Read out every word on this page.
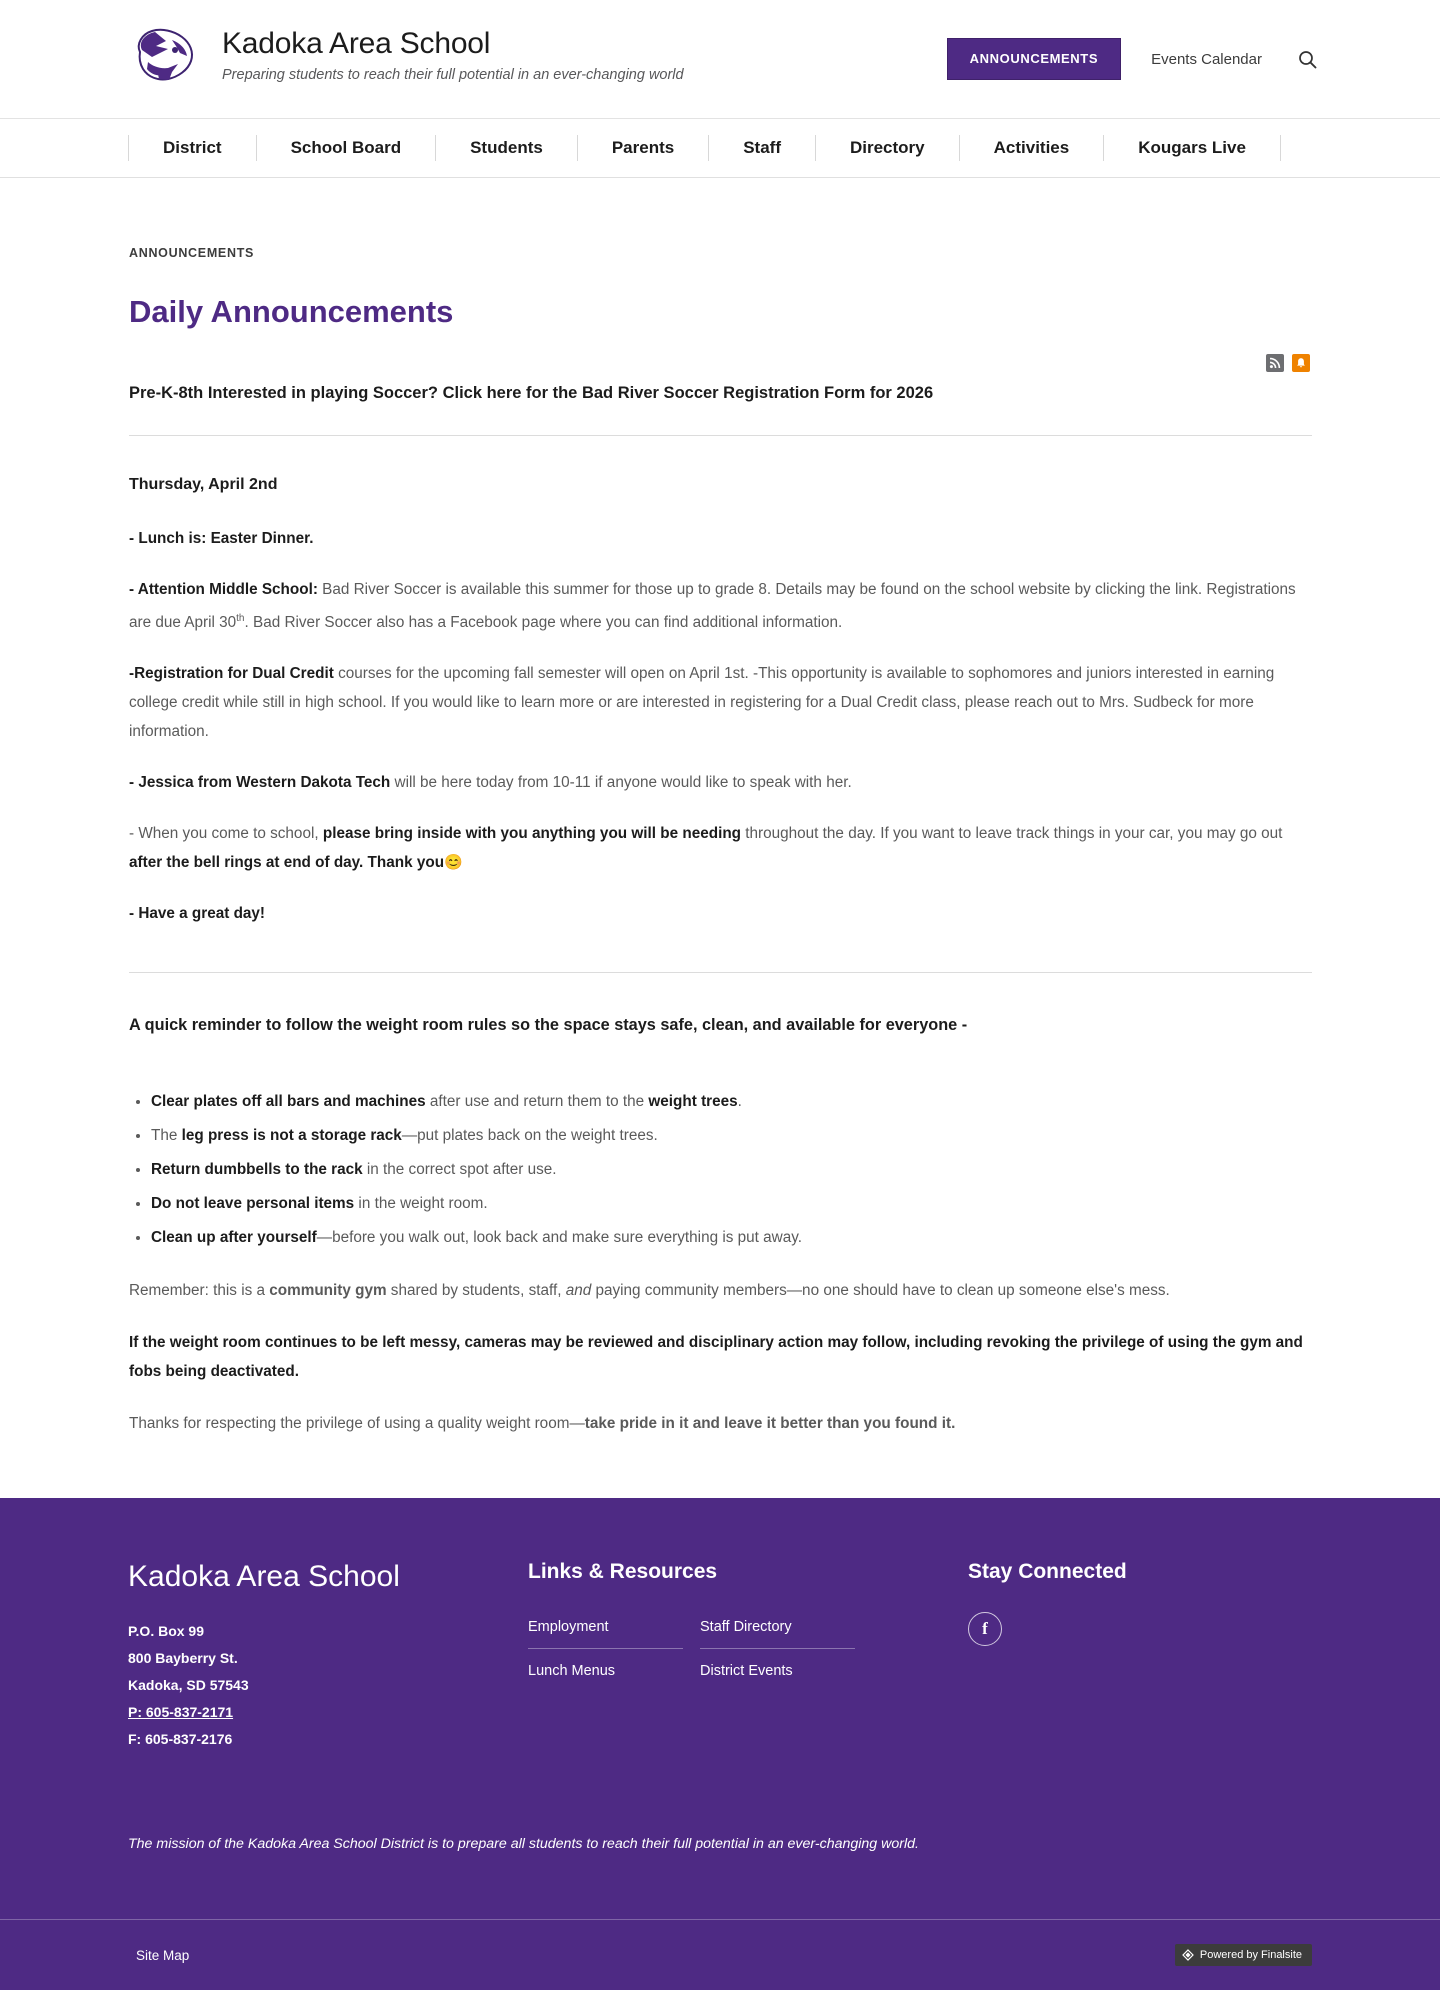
Kadoka Area School
Preparing students to reach their full potential in an ever-changing world
ANNOUNCEMENTS	Events Calendar
District	School Board	Students	Parents	Staff	Directory	Activities	Kougars Live
ANNOUNCEMENTS
Daily Announcements
Pre-K-8th Interested in playing Soccer? Click here for the Bad River Soccer Registration Form for 2026

Thursday, April 2nd

- Lunch is: Easter Dinner.

- Attention Middle School: Bad River Soccer is available this summer for those up to grade 8. Details may be found on the school website by clicking the link. Registrations are due April 30th. Bad River Soccer also has a Facebook page where you can find additional information.

-Registration for Dual Credit courses for the upcoming fall semester will open on April 1st. -This opportunity is available to sophomores and juniors interested in earning college credit while still in high school. If you would like to learn more or are interested in registering for a Dual Credit class, please reach out to Mrs. Sudbeck for more information.

- Jessica from Western Dakota Tech will be here today from 10-11 if anyone would like to speak with her.

- When you come to school, please bring inside with you anything you will be needing throughout the day. If you want to leave track things in your car, you may go out after the bell rings at end of day. Thank you😊

- Have a great day!

A quick reminder to follow the weight room rules so the space stays safe, clean, and available for everyone -
• Clear plates off all bars and machines after use and return them to the weight trees.
• The leg press is not a storage rack—put plates back on the weight trees.
• Return dumbbells to the rack in the correct spot after use.
• Do not leave personal items in the weight room.
• Clean up after yourself—before you walk out, look back and make sure everything is put away.

Remember: this is a community gym shared by students, staff, and paying community members—no one should have to clean up someone else's mess.

If the weight room continues to be left messy, cameras may be reviewed and disciplinary action may follow, including revoking the privilege of using the gym and fobs being deactivated.

Thanks for respecting the privilege of using a quality weight room—take pride in it and leave it better than you found it.

Kadoka Area School
P.O. Box 99
800 Bayberry St.
Kadoka, SD 57543
P: 605-837-2171
F: 605-837-2176
Links & Resources
Employment
Lunch Menus
Staff Directory
District Events
Stay Connected
f
The mission of the Kadoka Area School District is to prepare all students to reach their full potential in an ever-changing world.
Site Map	Powered by Finalsite
